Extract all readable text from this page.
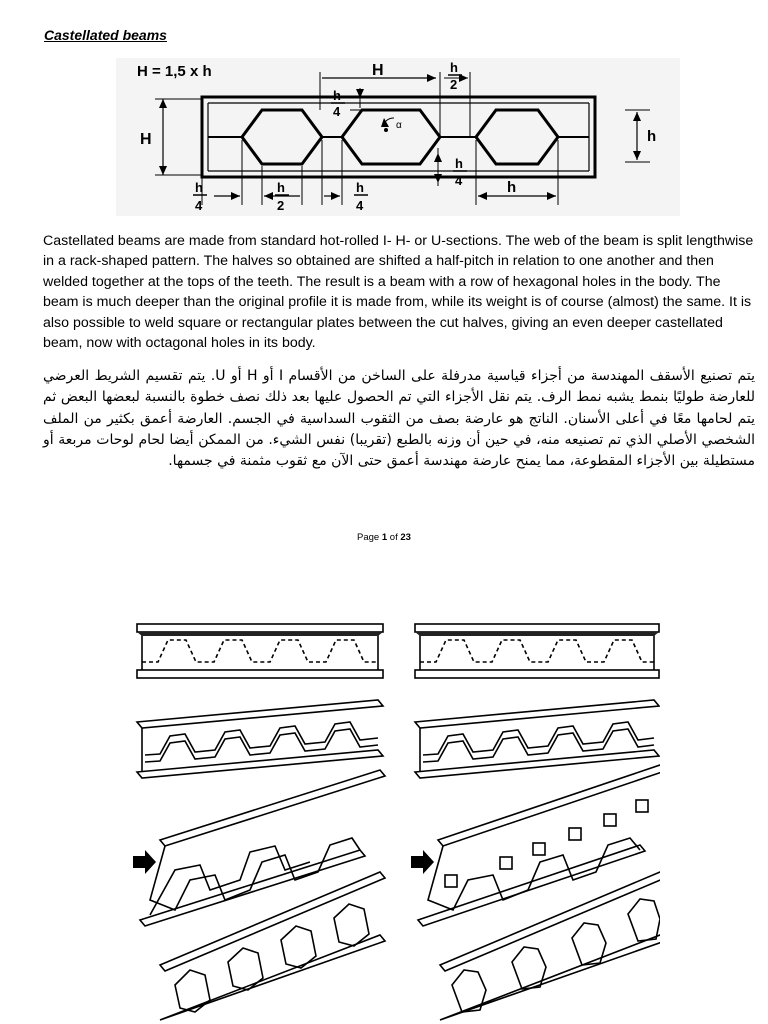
Castellated beams
H = 1,5 x h
H	h
H
h
α
h
2
h
4
h
4
h
4
h
2
h
4

Castellated beams are made from standard hot-rolled I- H- or U-sections. The web of the beam is split lengthwise in a rack-shaped pattern. The halves so obtained are shifted a half-pitch in relation to one another and then welded together at the tops of the teeth. The result is a beam with a row of hexagonal holes in the body. The beam is much deeper than the original profile it is made from, while its weight is of course (almost) the same. It is also possible to weld square or rectangular plates between the cut halves, giving an even deeper castellated beam, now with octagonal holes in its body.

يتم تصنيع الأسقف المهندسة من أجزاء قياسية مدرفلة على الساخن من الأقسام I أو H أو U. يتم تقسيم الشريط العرضي للعارضة طوليًا بنمط يشبه نمط الرف. يتم نقل الأجزاء التي تم الحصول عليها بعد ذلك نصف خطوة بالنسبة لبعضها البعض ثم يتم لحامها معًا في أعلى الأسنان. الناتج هو عارضة بصف من الثقوب السداسية في الجسم. العارضة أعمق بكثير من الملف الشخصي الأصلي الذي تم تصنيعه منه، في حين أن وزنه بالطبع (تقريبا) نفس الشيء. من الممكن أيضا لحام لوحات مربعة أو مستطيلة بين الأجزاء المقطوعة، مما يمنح عارضة مهندسة أعمق حتى الآن مع ثقوب مثمنة في جسمها.

Page 1 of 23
